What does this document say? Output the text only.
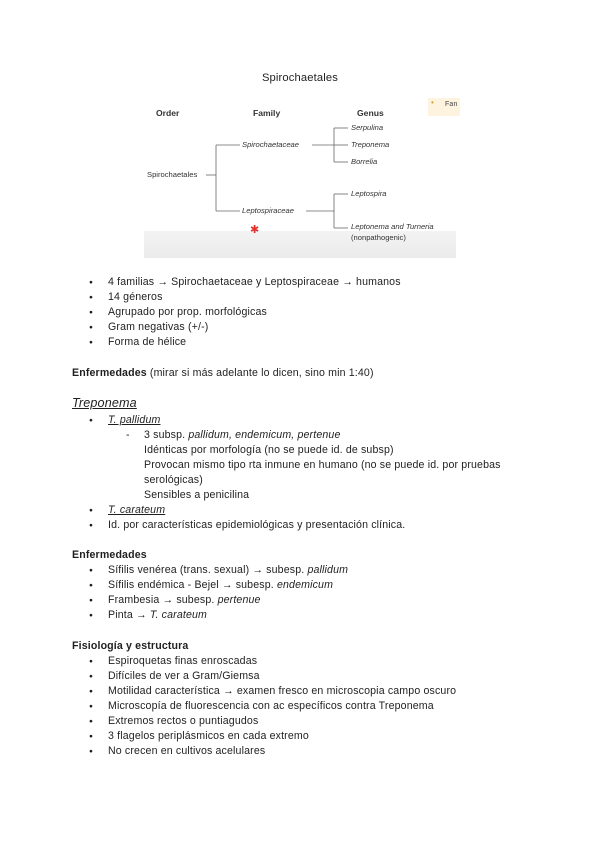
Spirochaetales
• Fan
Order	Family	Genus
Spirochaetales
Spirochaetaceae
Leptospiraceae
Serpulina
Treponema
Borrelia
Leptospira
Leptonema and Turneria
(nonpathogenic)
✱
● 4 familias → Spirochaetaceae y Leptospiraceae → humanos
● 14 géneros
● Agrupado por prop. morfológicas
● Gram negativas (+/-)
● Forma de hélice
Enfermedades (mirar si más adelante lo dicen, sino min 1:40)
Treponema
● T. pallidum
- 3 subsp. pallidum, endemicum, pertenue
Idénticas por morfología (no se puede id. de subsp)
Provocan mismo tipo rta inmune en humano (no se puede id. por pruebas
serológicas)
Sensibles a penicilina
● T. carateum
● Id. por características epidemiológicas y presentación clínica.
Enfermedades
● Sífilis venérea (trans. sexual) → subesp. pallidum
● Sífilis endémica - Bejel → subesp. endemicum
● Frambesia → subesp. pertenue
● Pinta → T. carateum
Fisiología y estructura
● Espiroquetas finas enroscadas
● Difíciles de ver a Gram/Giemsa
● Motilidad característica → examen fresco en microscopia campo oscuro
● Microscopía de fluorescencia con ac específicos contra Treponema
● Extremos rectos o puntiagudos
● 3 flagelos periplásmicos en cada extremo
● No crecen en cultivos acelulares
